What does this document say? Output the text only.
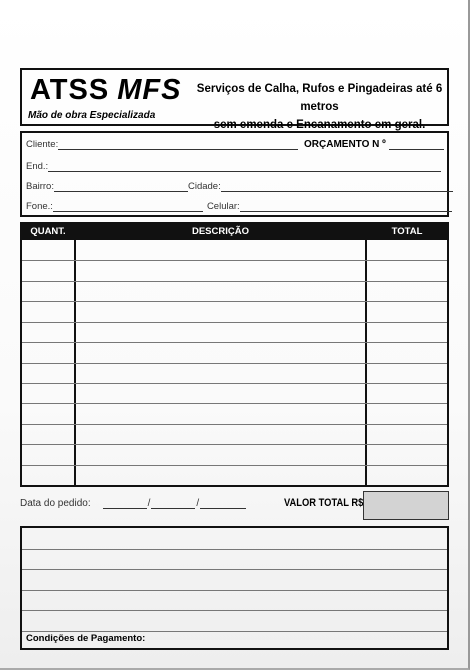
ATSS MFS
Mão de obra Especializada
Serviços de Calha, Rufos e Pingadeiras até 6 metros
sem emenda e Encanamento em geral.
Cliente:	ORÇAMENTO N º
End.:
Bairro:	Cidade:
Fone.:	Celular:
QUANT.	DESCRIÇÃO	TOTAL
Data do pedido:	/	/	VALOR TOTAL R$
Condições de Pagamento:
